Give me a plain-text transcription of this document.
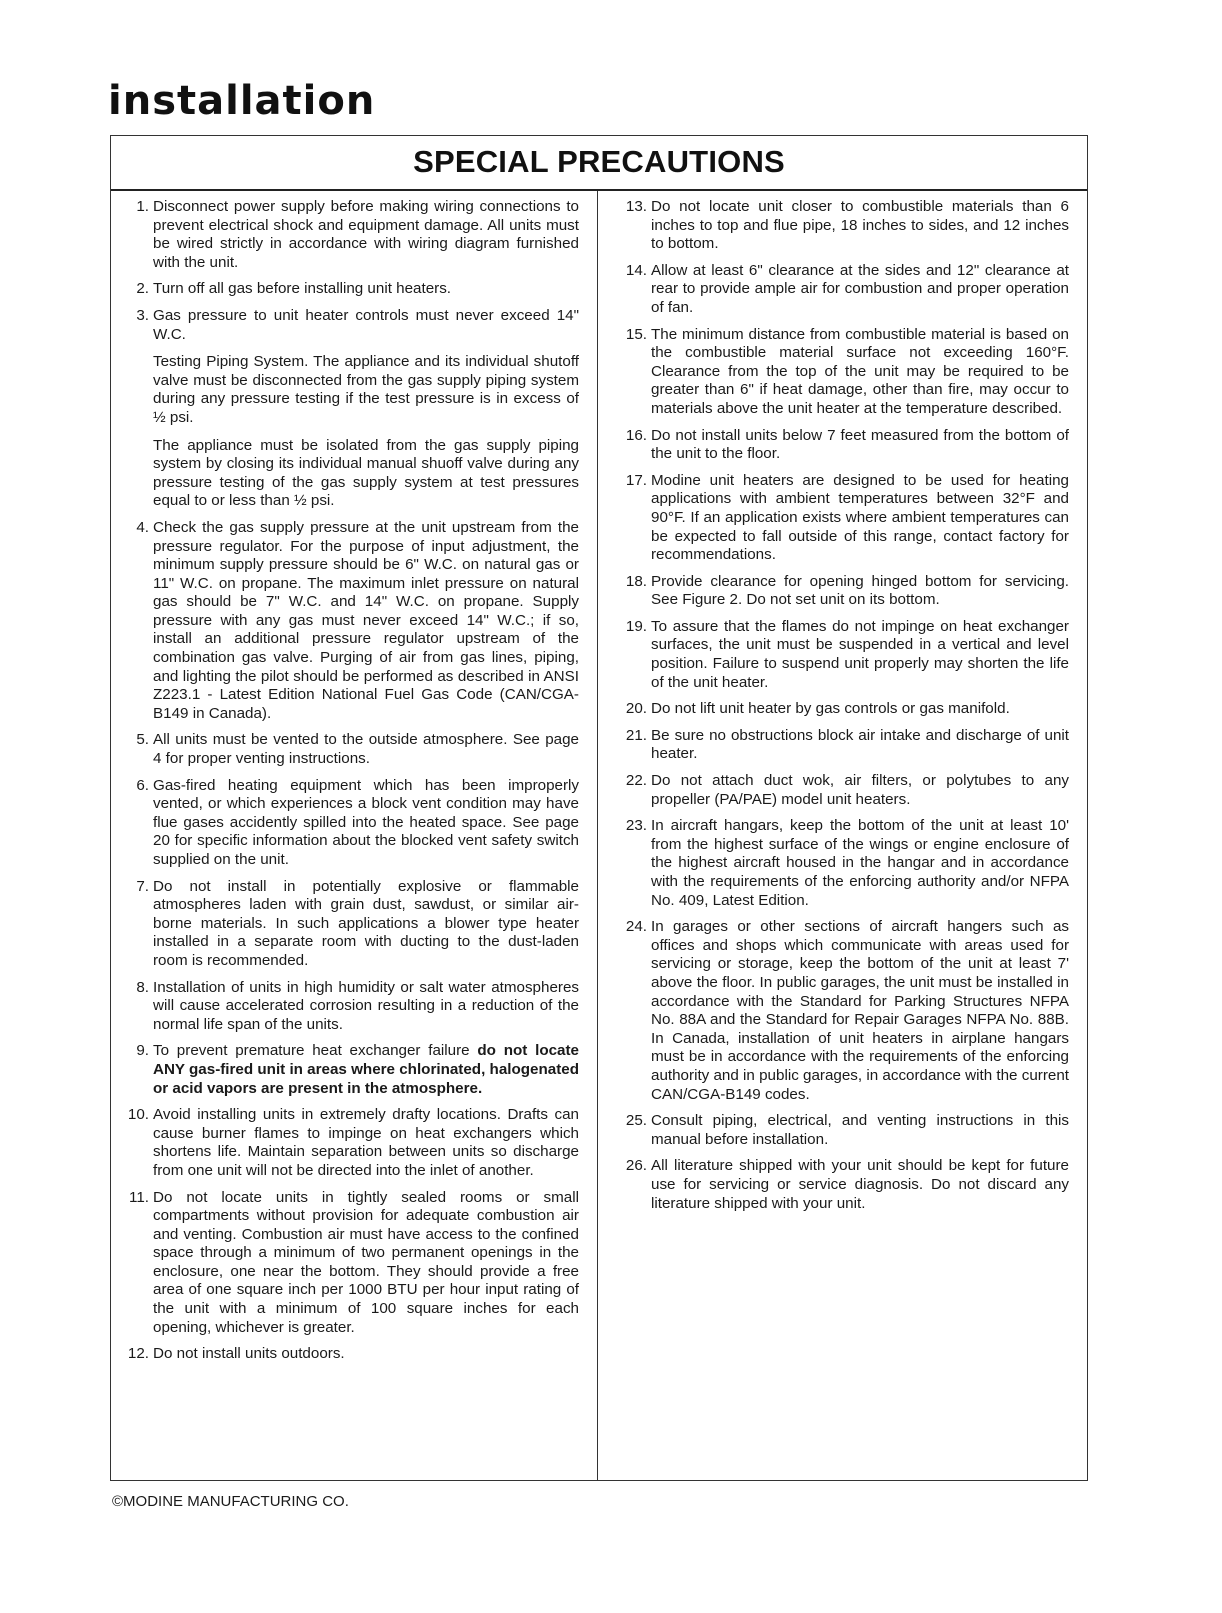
installation
SPECIAL PRECAUTIONS
1. Disconnect power supply before making wiring connections to prevent electrical shock and equipment damage. All units must be wired strictly in accordance with wiring diagram furnished with the unit.
2. Turn off all gas before installing unit heaters.
3. Gas pressure to unit heater controls must never exceed 14" W.C.
Testing Piping System. The appliance and its individual shutoff valve must be disconnected from the gas supply piping system during any pressure testing if the test pressure is in excess of ½ psi.
The appliance must be isolated from the gas supply piping system by closing its individual manual shuoff valve during any pressure testing of the gas supply system at test pressures equal to or less than ½ psi.
4. Check the gas supply pressure at the unit upstream from the pressure regulator. For the purpose of input adjustment, the minimum supply pressure should be 6" W.C. on natural gas or 11" W.C. on propane. The maximum inlet pressure on natural gas should be 7" W.C. and 14" W.C. on propane. Supply pressure with any gas must never exceed 14" W.C.; if so, install an additional pressure regulator upstream of the combination gas valve. Purging of air from gas lines, piping, and lighting the pilot should be performed as described in ANSI Z223.1 - Latest Edition National Fuel Gas Code (CAN/CGA-B149 in Canada).
5. All units must be vented to the outside atmosphere. See page 4 for proper venting instructions.
6. Gas-fired heating equipment which has been improperly vented, or which experiences a block vent condition may have flue gases accidently spilled into the heated space. See page 20 for specific information about the blocked vent safety switch supplied on the unit.
7. Do not install in potentially explosive or flammable atmospheres laden with grain dust, sawdust, or similar air-borne materials. In such applications a blower type heater installed in a separate room with ducting to the dust-laden room is recommended.
8. Installation of units in high humidity or salt water atmospheres will cause accelerated corrosion resulting in a reduction of the normal life span of the units.
9. To prevent premature heat exchanger failure do not locate ANY gas-fired unit in areas where chlorinated, halogenated or acid vapors are present in the atmosphere.
10. Avoid installing units in extremely drafty locations. Drafts can cause burner flames to impinge on heat exchangers which shortens life. Maintain separation between units so discharge from one unit will not be directed into the inlet of another.
11. Do not locate units in tightly sealed rooms or small compartments without provision for adequate combustion air and venting. Combustion air must have access to the confined space through a minimum of two permanent openings in the enclosure, one near the bottom. They should provide a free area of one square inch per 1000 BTU per hour input rating of the unit with a minimum of 100 square inches for each opening, whichever is greater.
12. Do not install units outdoors.
13. Do not locate unit closer to combustible materials than 6 inches to top and flue pipe, 18 inches to sides, and 12 inches to bottom.
14. Allow at least 6" clearance at the sides and 12" clearance at rear to provide ample air for combustion and proper operation of fan.
15. The minimum distance from combustible material is based on the combustible material surface not exceeding 160°F. Clearance from the top of the unit may be required to be greater than 6" if heat damage, other than fire, may occur to materials above the unit heater at the temperature described.
16. Do not install units below 7 feet measured from the bottom of the unit to the floor.
17. Modine unit heaters are designed to be used for heating applications with ambient temperatures between 32°F and 90°F. If an application exists where ambient temperatures can be expected to fall outside of this range, contact factory for recommendations.
18. Provide clearance for opening hinged bottom for servicing. See Figure 2. Do not set unit on its bottom.
19. To assure that the flames do not impinge on heat exchanger surfaces, the unit must be suspended in a vertical and level position. Failure to suspend unit properly may shorten the life of the unit heater.
20. Do not lift unit heater by gas controls or gas manifold.
21. Be sure no obstructions block air intake and discharge of unit heater.
22. Do not attach duct wok, air filters, or polytubes to any propeller (PA/PAE) model unit heaters.
23. In aircraft hangars, keep the bottom of the unit at least 10' from the highest surface of the wings or engine enclosure of the highest aircraft housed in the hangar and in accordance with the requirements of the enforcing authority and/or NFPA No. 409, Latest Edition.
24. In garages or other sections of aircraft hangers such as offices and shops which communicate with areas used for servicing or storage, keep the bottom of the unit at least 7' above the floor. In public garages, the unit must be installed in accordance with the Standard for Parking Structures NFPA No. 88A and the Standard for Repair Garages NFPA No. 88B. In Canada, installation of unit heaters in airplane hangars must be in accordance with the requirements of the enforcing authority and in public garages, in accordance with the current CAN/CGA-B149 codes.
25. Consult piping, electrical, and venting instructions in this manual before installation.
26. All literature shipped with your unit should be kept for future use for servicing or service diagnosis. Do not discard any literature shipped with your unit.
©MODINE MANUFACTURING CO.
